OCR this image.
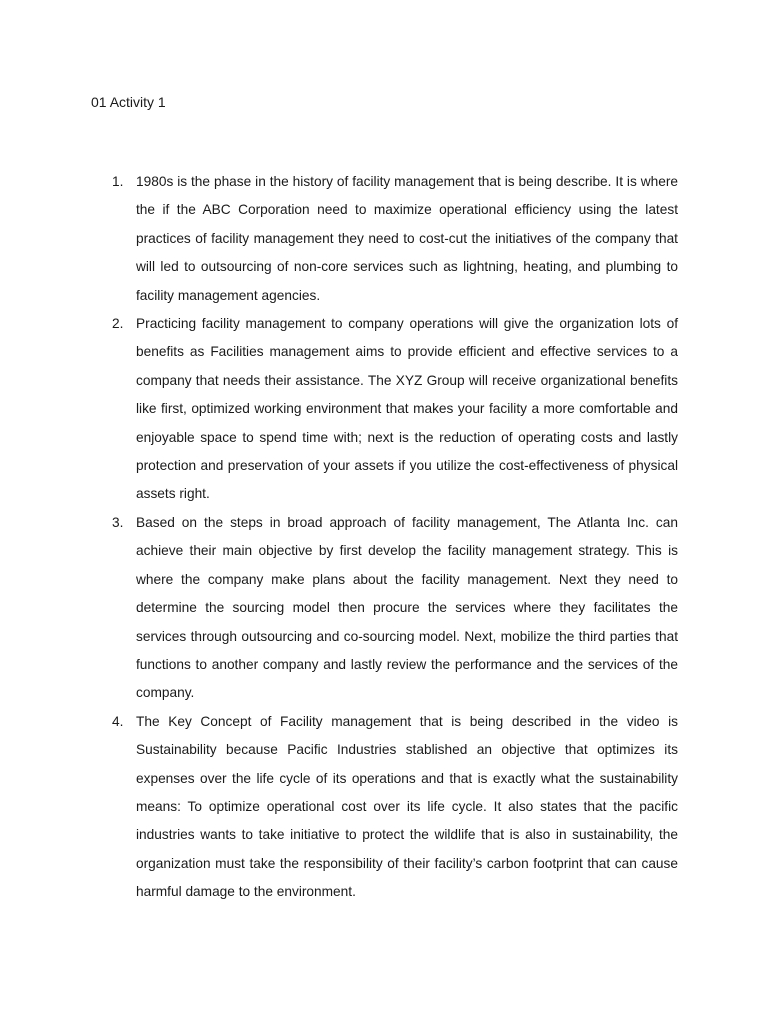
01 Activity 1
1. 1980s is the phase in the history of facility management that is being describe. It is where the if the ABC Corporation need to maximize operational efficiency using the latest practices of facility management they need to cost-cut the initiatives of the company that will led to outsourcing of non-core services such as lightning, heating, and plumbing to facility management agencies.
2. Practicing facility management to company operations will give the organization lots of benefits as Facilities management aims to provide efficient and effective services to a company that needs their assistance. The XYZ Group will receive organizational benefits like first, optimized working environment that makes your facility a more comfortable and enjoyable space to spend time with; next is the reduction of operating costs and lastly protection and preservation of your assets if you utilize the cost-effectiveness of physical assets right.
3. Based on the steps in broad approach of facility management, The Atlanta Inc. can achieve their main objective by first develop the facility management strategy. This is where the company make plans about the facility management. Next they need to determine the sourcing model then procure the services where they facilitates the services through outsourcing and co-sourcing model. Next, mobilize the third parties that functions to another company and lastly review the performance and the services of the company.
4. The Key Concept of Facility management that is being described in the video is Sustainability because Pacific Industries stablished an objective that optimizes its expenses over the life cycle of its operations and that is exactly what the sustainability means: To optimize operational cost over its life cycle. It also states that the pacific industries wants to take initiative to protect the wildlife that is also in sustainability, the organization must take the responsibility of their facility’s carbon footprint that can cause harmful damage to the environment.
